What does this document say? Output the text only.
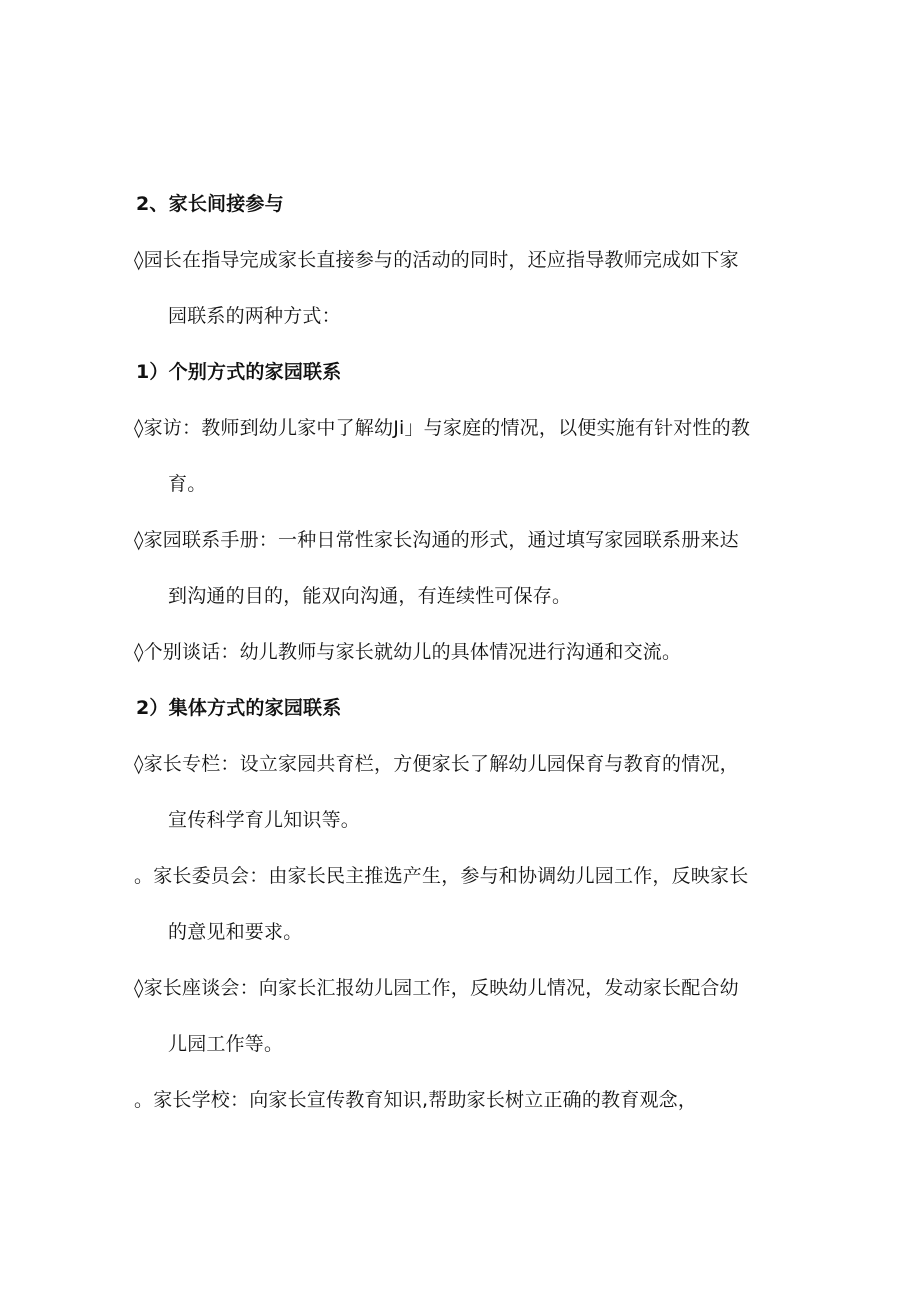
2、家长间接参与
◊园长在指导完成家长直接参与的活动的同时，还应指导教师完成如下家
园联系的两种方式：
1）个别方式的家园联系
◊家访：教师到幼儿家中了解幼Ji」与家庭的情况，以便实施有针对性的教
育。
◊家园联系手册：一种日常性家长沟通的形式，通过填写家园联系册来达
到沟通的目的，能双向沟通，有连续性可保存。
◊个别谈话：幼儿教师与家长就幼儿的具体情况进行沟通和交流。
2）集体方式的家园联系
◊家长专栏：设立家园共育栏，方便家长了解幼儿园保育与教育的情况，
宣传科学育儿知识等。
。家长委员会：由家长民主推选产生，参与和协调幼儿园工作，反映家长
的意见和要求。
◊家长座谈会：向家长汇报幼儿园工作，反映幼儿情况，发动家长配合幼
儿园工作等。
。家长学校：向家长宣传教育知识,帮助家长树立正确的教育观念，
